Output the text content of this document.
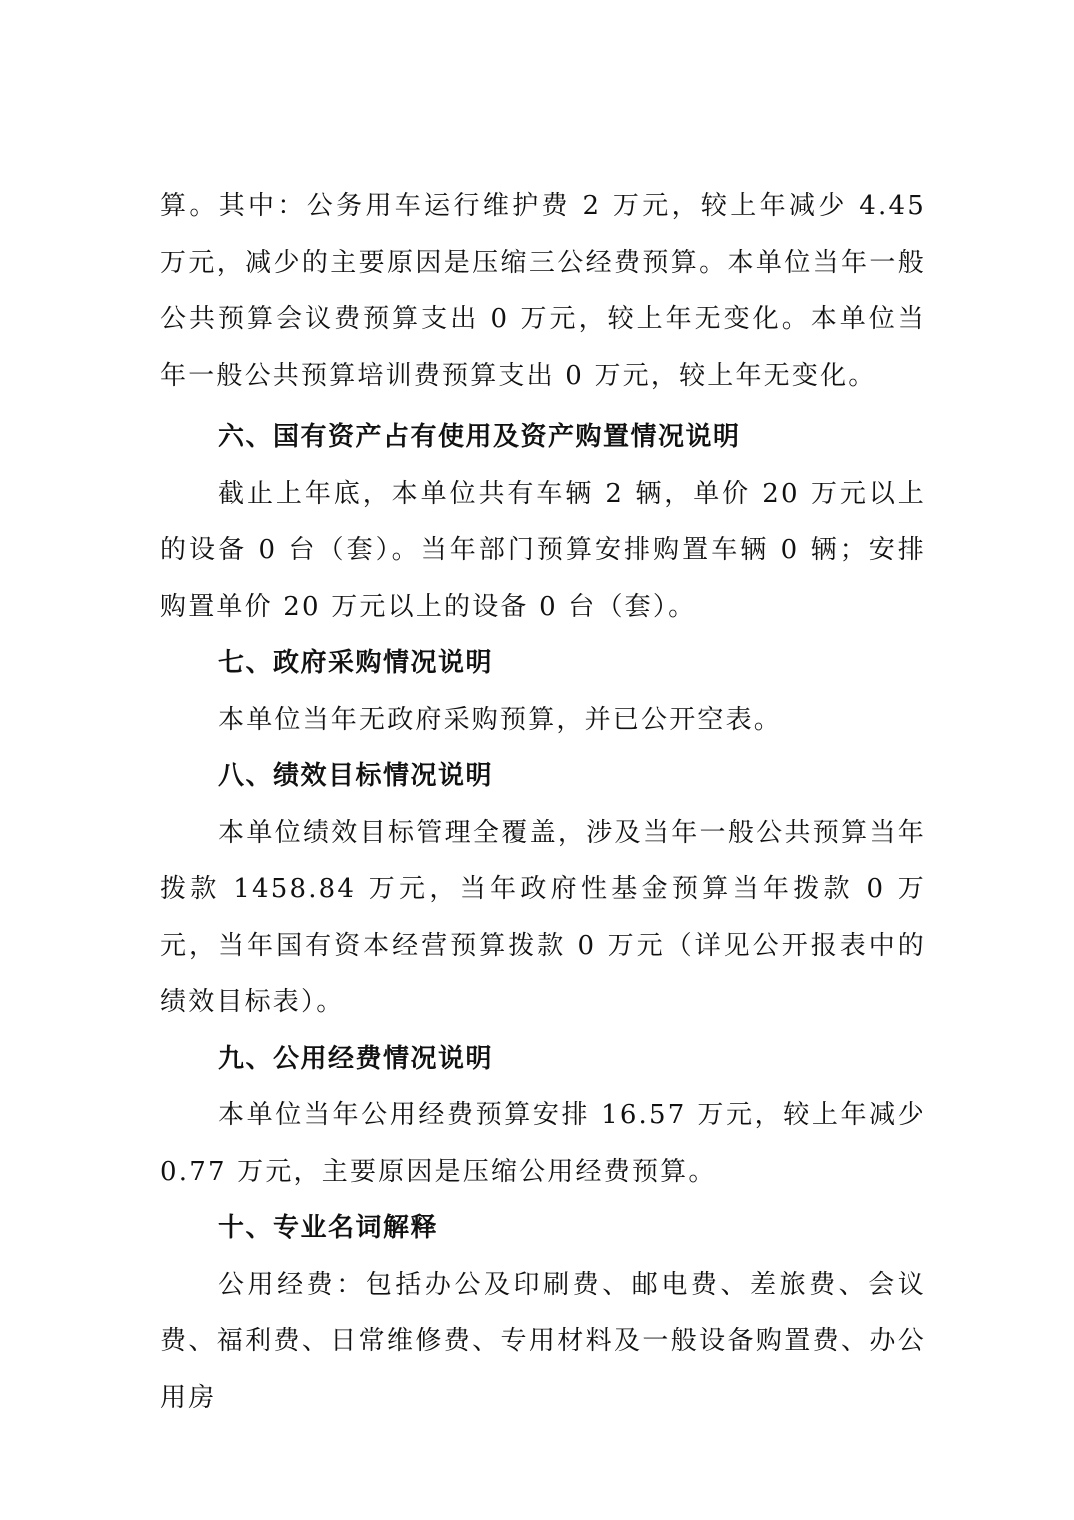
算。其中：公务用车运行维护费 2 万元，较上年减少 4.45 万元，减少的主要原因是压缩三公经费预算。本单位当年一般公共预算会议费预算支出 0 万元，较上年无变化。本单位当年一般公共预算培训费预算支出 0 万元，较上年无变化。

六、国有资产占有使用及资产购置情况说明

截止上年底，本单位共有车辆 2 辆，单价 20 万元以上的设备 0 台（套）。当年部门预算安排购置车辆 0 辆；安排购置单价 20 万元以上的设备 0 台（套）。

七、政府采购情况说明

本单位当年无政府采购预算，并已公开空表。

八、绩效目标情况说明

本单位绩效目标管理全覆盖，涉及当年一般公共预算当年拨款 1458.84 万元，当年政府性基金预算当年拨款 0 万元，当年国有资本经营预算拨款 0 万元（详见公开报表中的绩效目标表）。

九、公用经费情况说明

本单位当年公用经费预算安排 16.57 万元，较上年减少 0.77 万元，主要原因是压缩公用经费预算。

十、专业名词解释

公用经费：包括办公及印刷费、邮电费、差旅费、会议费、福利费、日常维修费、专用材料及一般设备购置费、办公用房
